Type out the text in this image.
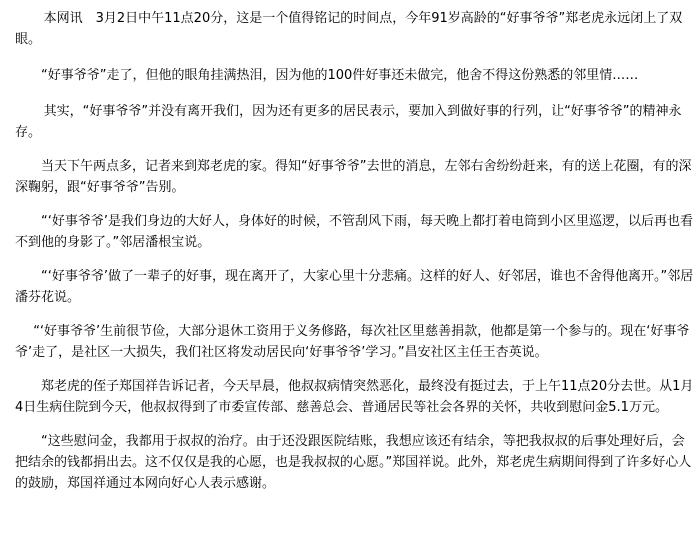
本网讯　3月2日中午11点20分，这是一个值得铭记的时间点，今年91岁高龄的“好事爷爷”郑老虎永远闭上了双眼。

“好事爷爷”走了，但他的眼角挂满热泪，因为他的100件好事还未做完，他舍不得这份熟悉的邻里情……

其实，“好事爷爷”并没有离开我们，因为还有更多的居民表示，要加入到做好事的行列，让“好事爷爷”的精神永存。

当天下午两点多，记者来到郑老虎的家。得知“好事爷爷”去世的消息，左邻右舍纷纷赶来，有的送上花圈，有的深深鞠躬，跟“好事爷爷”告别。

“‘好事爷爷’是我们身边的大好人，身体好的时候，不管刮风下雨，每天晚上都打着电筒到小区里巡逻，以后再也看不到他的身影了。”邻居潘根宝说。

“‘好事爷爷’做了一辈子的好事，现在离开了，大家心里十分悲痛。这样的好人、好邻居，谁也不舍得他离开。”邻居潘芬花说。

“‘好事爷爷’生前很节俭，大部分退休工资用于义务修路，每次社区里慈善捐款，他都是第一个参与的。现在‘好事爷爷’走了，是社区一大损失，我们社区将发动居民向‘好事爷爷’学习。”昌安社区主任王杏英说。

郑老虎的侄子郑国祥告诉记者，今天早晨，他叔叔病情突然恶化，最终没有挺过去，于上午11点20分去世。从1月4日生病住院到今天，他叔叔得到了市委宣传部、慈善总会、普通居民等社会各界的关怀，共收到慰问金5.1万元。

“这些慰问金，我都用于叔叔的治疗。由于还没跟医院结账，我想应该还有结余，等把我叔叔的后事处理好后，会把结余的钱都捐出去。这不仅仅是我的心愿，也是我叔叔的心愿。”郑国祥说。此外，郑老虎生病期间得到了许多好心人的鼓励，郑国祥通过本网向好心人表示感谢。
